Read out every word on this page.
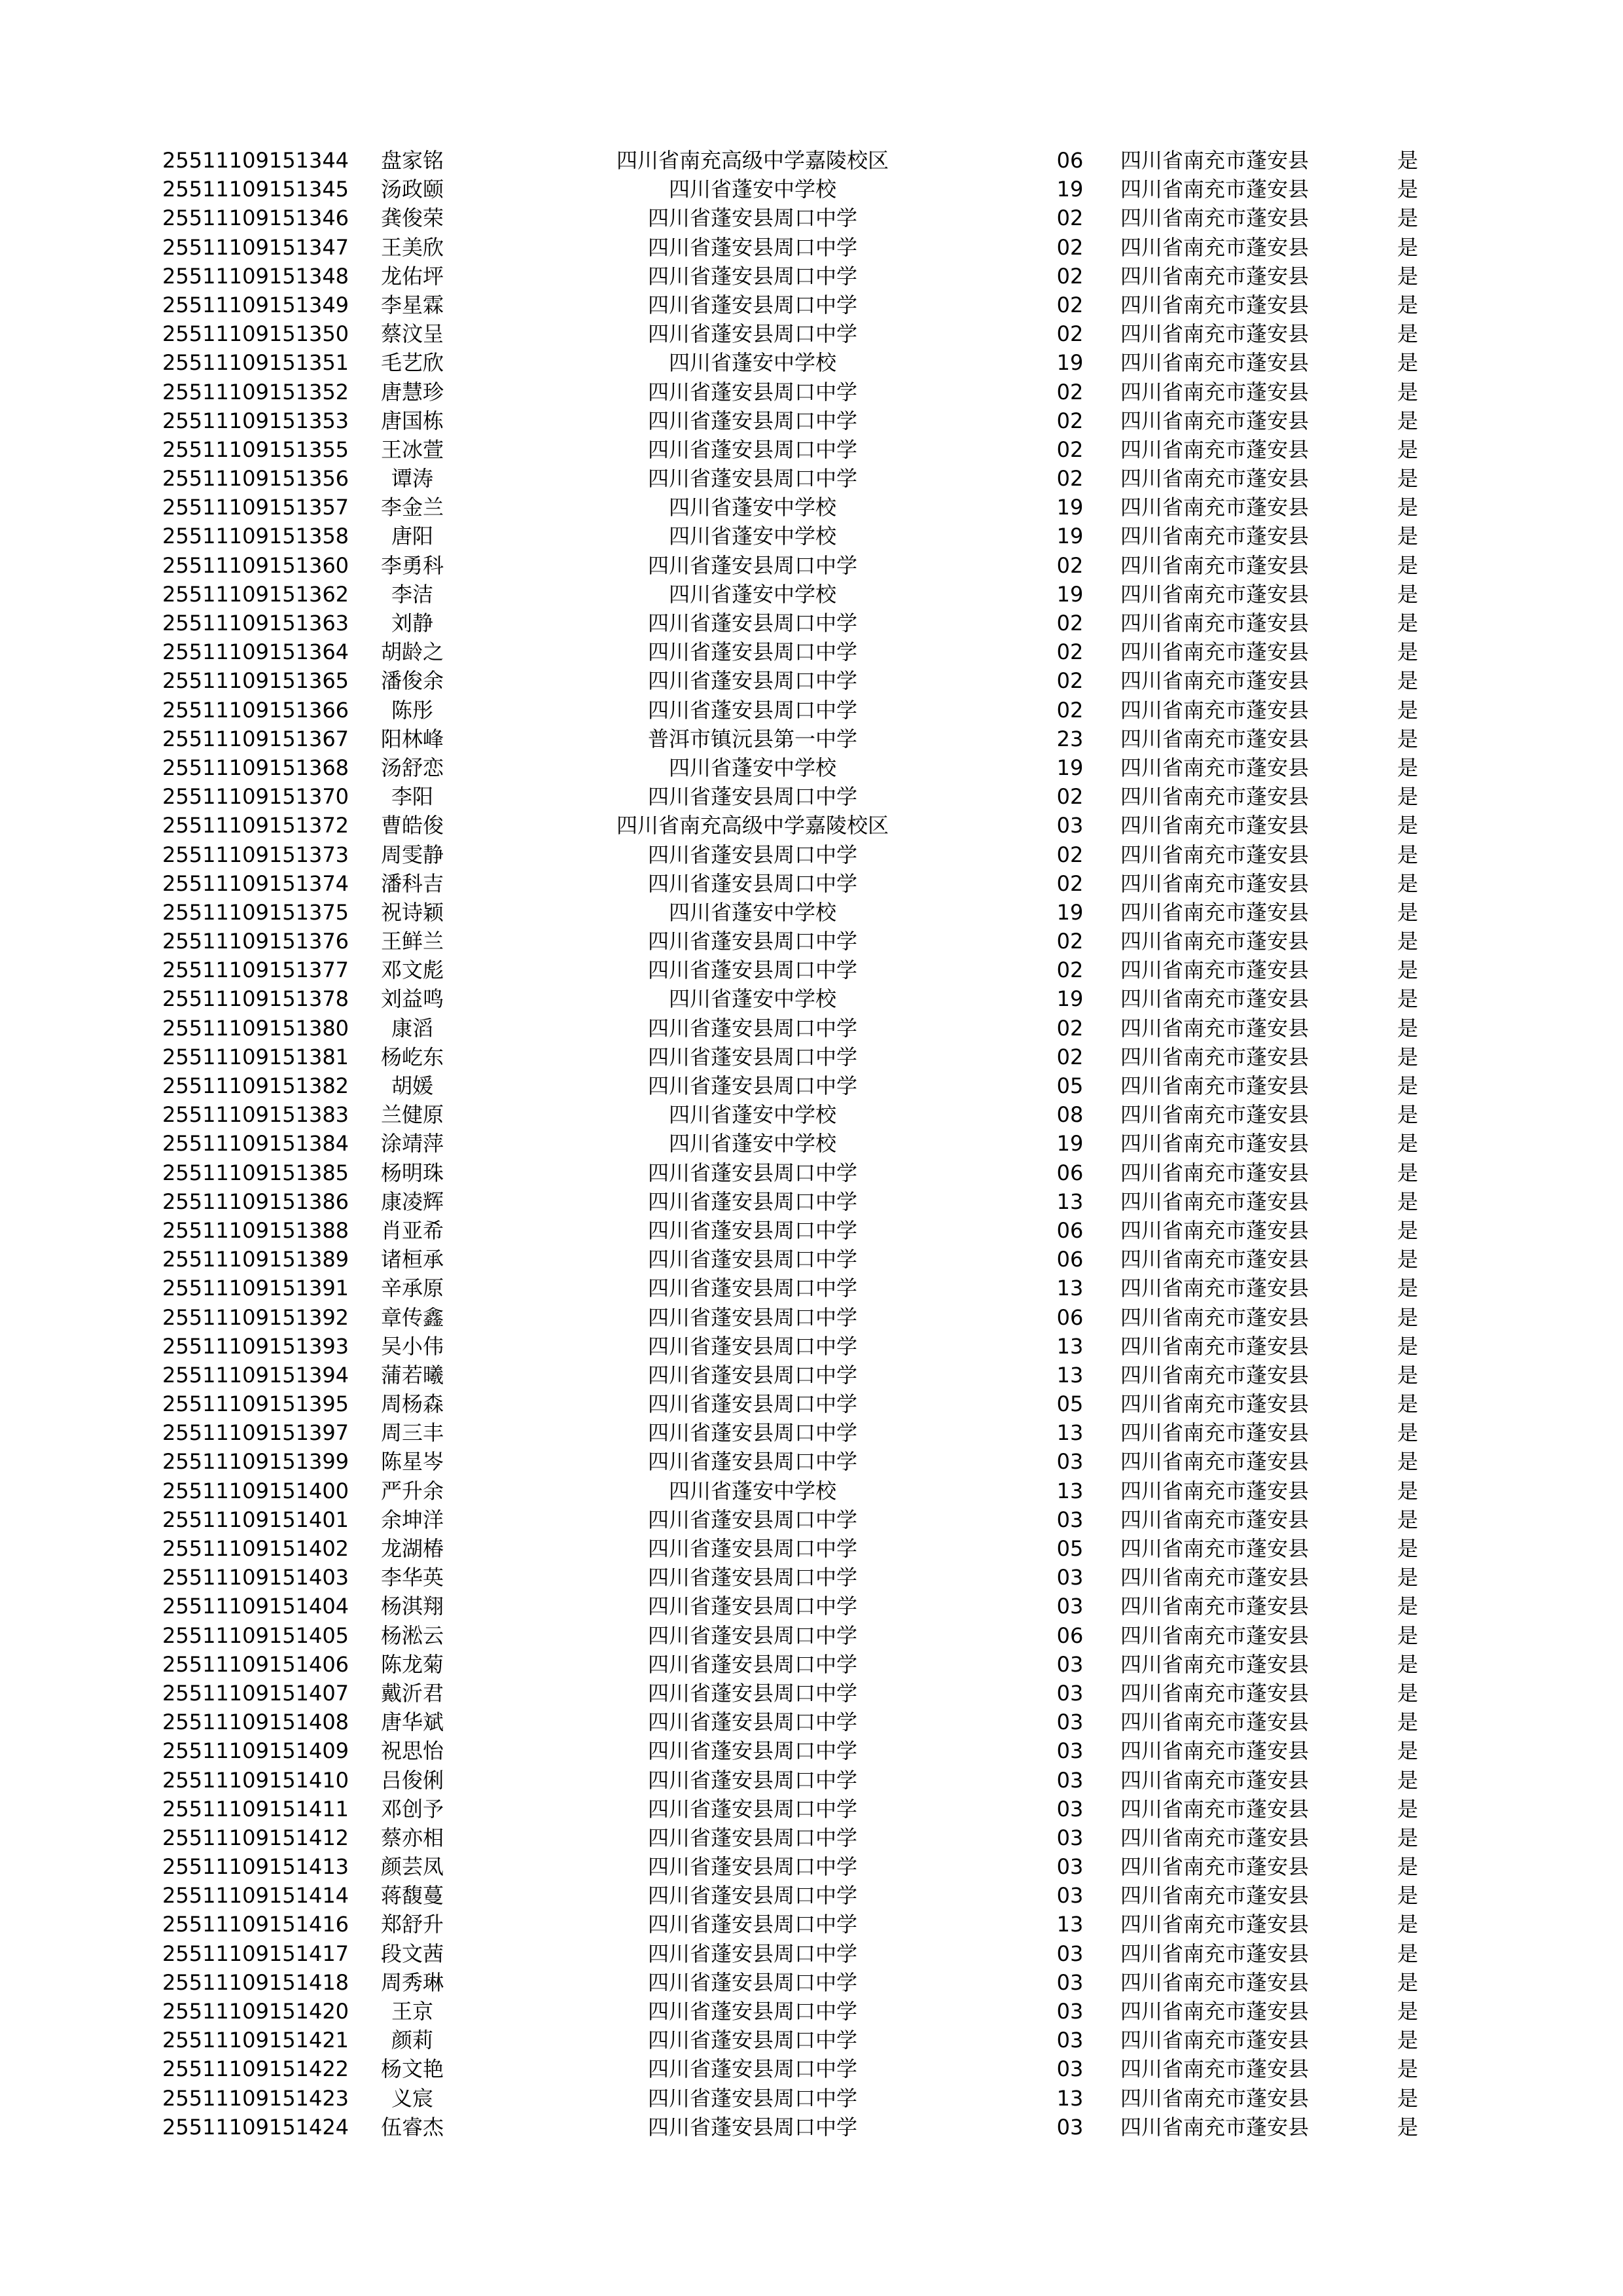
25511109151344	盘家铭	四川省南充高级中学嘉陵校区	06	四川省南充市蓬安县	是
25511109151345	汤政颐	四川省蓬安中学校	19	四川省南充市蓬安县	是
25511109151346	龚俊荣	四川省蓬安县周口中学	02	四川省南充市蓬安县	是
25511109151347	王美欣	四川省蓬安县周口中学	02	四川省南充市蓬安县	是
25511109151348	龙佑坪	四川省蓬安县周口中学	02	四川省南充市蓬安县	是
25511109151349	李星霖	四川省蓬安县周口中学	02	四川省南充市蓬安县	是
25511109151350	蔡汶呈	四川省蓬安县周口中学	02	四川省南充市蓬安县	是
25511109151351	毛艺欣	四川省蓬安中学校	19	四川省南充市蓬安县	是
25511109151352	唐慧珍	四川省蓬安县周口中学	02	四川省南充市蓬安县	是
25511109151353	唐国栋	四川省蓬安县周口中学	02	四川省南充市蓬安县	是
25511109151355	王冰萱	四川省蓬安县周口中学	02	四川省南充市蓬安县	是
25511109151356	谭涛	四川省蓬安县周口中学	02	四川省南充市蓬安县	是
25511109151357	李金兰	四川省蓬安中学校	19	四川省南充市蓬安县	是
25511109151358	唐阳	四川省蓬安中学校	19	四川省南充市蓬安县	是
25511109151360	李勇科	四川省蓬安县周口中学	02	四川省南充市蓬安县	是
25511109151362	李洁	四川省蓬安中学校	19	四川省南充市蓬安县	是
25511109151363	刘静	四川省蓬安县周口中学	02	四川省南充市蓬安县	是
25511109151364	胡龄之	四川省蓬安县周口中学	02	四川省南充市蓬安县	是
25511109151365	潘俊余	四川省蓬安县周口中学	02	四川省南充市蓬安县	是
25511109151366	陈彤	四川省蓬安县周口中学	02	四川省南充市蓬安县	是
25511109151367	阳林峰	普洱市镇沅县第一中学	23	四川省南充市蓬安县	是
25511109151368	汤舒恋	四川省蓬安中学校	19	四川省南充市蓬安县	是
25511109151370	李阳	四川省蓬安县周口中学	02	四川省南充市蓬安县	是
25511109151372	曹皓俊	四川省南充高级中学嘉陵校区	03	四川省南充市蓬安县	是
25511109151373	周雯静	四川省蓬安县周口中学	02	四川省南充市蓬安县	是
25511109151374	潘科吉	四川省蓬安县周口中学	02	四川省南充市蓬安县	是
25511109151375	祝诗颖	四川省蓬安中学校	19	四川省南充市蓬安县	是
25511109151376	王鲜兰	四川省蓬安县周口中学	02	四川省南充市蓬安县	是
25511109151377	邓文彪	四川省蓬安县周口中学	02	四川省南充市蓬安县	是
25511109151378	刘益鸣	四川省蓬安中学校	19	四川省南充市蓬安县	是
25511109151380	康滔	四川省蓬安县周口中学	02	四川省南充市蓬安县	是
25511109151381	杨屹东	四川省蓬安县周口中学	02	四川省南充市蓬安县	是
25511109151382	胡媛	四川省蓬安县周口中学	05	四川省南充市蓬安县	是
25511109151383	兰健原	四川省蓬安中学校	08	四川省南充市蓬安县	是
25511109151384	涂靖萍	四川省蓬安中学校	19	四川省南充市蓬安县	是
25511109151385	杨明珠	四川省蓬安县周口中学	06	四川省南充市蓬安县	是
25511109151386	康凌辉	四川省蓬安县周口中学	13	四川省南充市蓬安县	是
25511109151388	肖亚希	四川省蓬安县周口中学	06	四川省南充市蓬安县	是
25511109151389	诸桓承	四川省蓬安县周口中学	06	四川省南充市蓬安县	是
25511109151391	辛承原	四川省蓬安县周口中学	13	四川省南充市蓬安县	是
25511109151392	章传鑫	四川省蓬安县周口中学	06	四川省南充市蓬安县	是
25511109151393	吴小伟	四川省蓬安县周口中学	13	四川省南充市蓬安县	是
25511109151394	蒲若曦	四川省蓬安县周口中学	13	四川省南充市蓬安县	是
25511109151395	周杨森	四川省蓬安县周口中学	05	四川省南充市蓬安县	是
25511109151397	周三丰	四川省蓬安县周口中学	13	四川省南充市蓬安县	是
25511109151399	陈星岑	四川省蓬安县周口中学	03	四川省南充市蓬安县	是
25511109151400	严升余	四川省蓬安中学校	13	四川省南充市蓬安县	是
25511109151401	余坤洋	四川省蓬安县周口中学	03	四川省南充市蓬安县	是
25511109151402	龙湖椿	四川省蓬安县周口中学	05	四川省南充市蓬安县	是
25511109151403	李华英	四川省蓬安县周口中学	03	四川省南充市蓬安县	是
25511109151404	杨淇翔	四川省蓬安县周口中学	03	四川省南充市蓬安县	是
25511109151405	杨淞云	四川省蓬安县周口中学	06	四川省南充市蓬安县	是
25511109151406	陈龙菊	四川省蓬安县周口中学	03	四川省南充市蓬安县	是
25511109151407	戴沂君	四川省蓬安县周口中学	03	四川省南充市蓬安县	是
25511109151408	唐华斌	四川省蓬安县周口中学	03	四川省南充市蓬安县	是
25511109151409	祝思怡	四川省蓬安县周口中学	03	四川省南充市蓬安县	是
25511109151410	吕俊俐	四川省蓬安县周口中学	03	四川省南充市蓬安县	是
25511109151411	邓创予	四川省蓬安县周口中学	03	四川省南充市蓬安县	是
25511109151412	蔡亦相	四川省蓬安县周口中学	03	四川省南充市蓬安县	是
25511109151413	颜芸凤	四川省蓬安县周口中学	03	四川省南充市蓬安县	是
25511109151414	蒋馥蔓	四川省蓬安县周口中学	03	四川省南充市蓬安县	是
25511109151416	郑舒升	四川省蓬安县周口中学	13	四川省南充市蓬安县	是
25511109151417	段文茜	四川省蓬安县周口中学	03	四川省南充市蓬安县	是
25511109151418	周秀琳	四川省蓬安县周口中学	03	四川省南充市蓬安县	是
25511109151420	王京	四川省蓬安县周口中学	03	四川省南充市蓬安县	是
25511109151421	颜莉	四川省蓬安县周口中学	03	四川省南充市蓬安县	是
25511109151422	杨文艳	四川省蓬安县周口中学	03	四川省南充市蓬安县	是
25511109151423	义宸	四川省蓬安县周口中学	13	四川省南充市蓬安县	是
25511109151424	伍睿杰	四川省蓬安县周口中学	03	四川省南充市蓬安县	是
